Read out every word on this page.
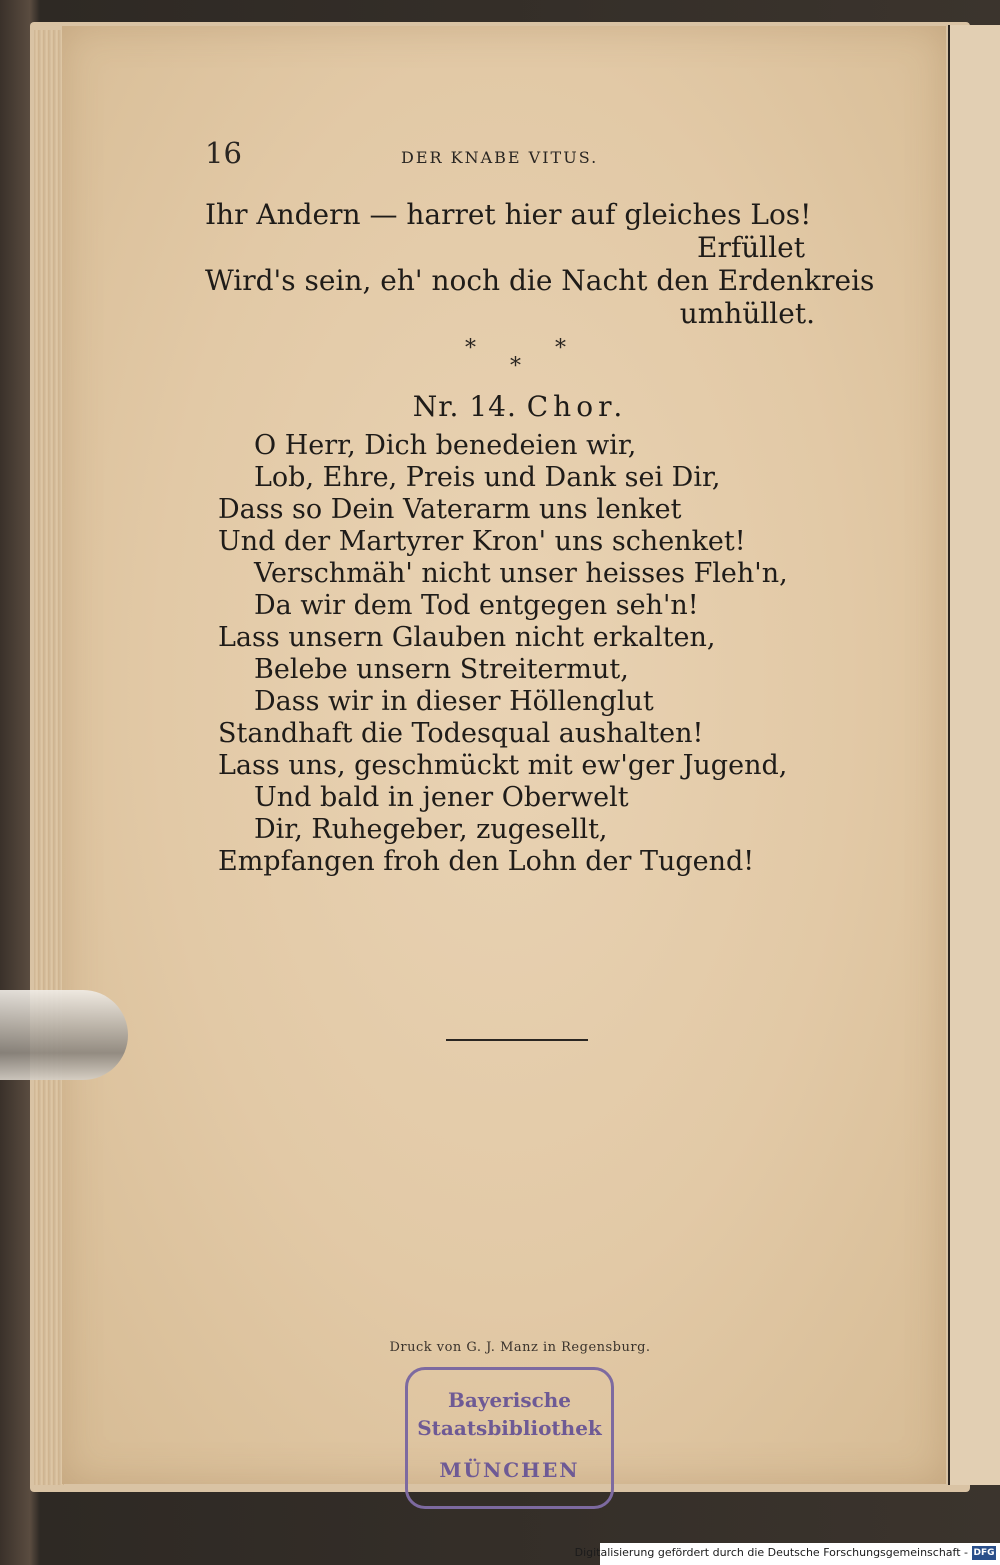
16	DER KNABE VITUS.
Ihr Andern — harret hier auf gleiches Los!
Erfüllet
Wird's sein, eh' noch die Nacht den Erdenkreis
umhüllet.
*	*
*
Nr. 14. Chor.
O Herr, Dich benedeien wir,
Lob, Ehre, Preis und Dank sei Dir,
Dass so Dein Vaterarm uns lenket
Und der Martyrer Kron' uns schenket!
Verschmäh' nicht unser heisses Fleh'n,
Da wir dem Tod entgegen seh'n!
Lass unsern Glauben nicht erkalten,
Belebe unsern Streitermut,
Dass wir in dieser Höllenglut
Standhaft die Todesqual aushalten!
Lass uns, geschmückt mit ew'ger Jugend,
Und bald in jener Oberwelt
Dir, Ruhegeber, zugesellt,
Empfangen froh den Lohn der Tugend!
Druck von G. J. Manz in Regensburg.
Bayerische
Staatsbibliothek
MÜNCHEN
Digitalisierung gefördert durch die Deutsche Forschungsgemeinschaft - DFG
